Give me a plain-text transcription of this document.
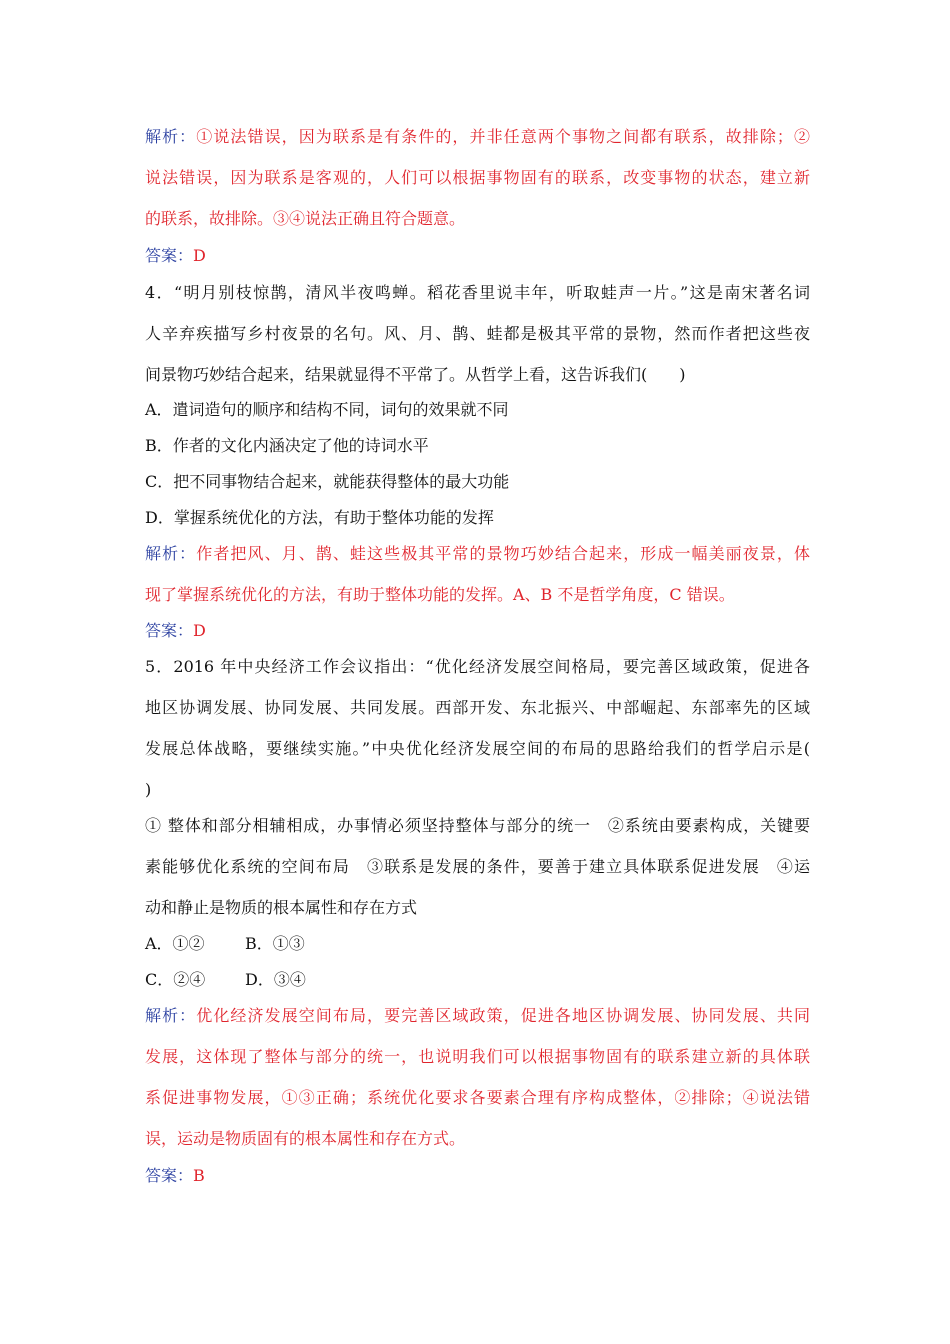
解析：①说法错误，因为联系是有条件的，并非任意两个事物之间都有联系，故排除；②
说法错误，因为联系是客观的，人们可以根据事物固有的联系，改变事物的状态，建立新
的联系，故排除。③④说法正确且符合题意。
答案：D
4．“明月别枝惊鹊，清风半夜鸣蝉。稻花香里说丰年，听取蛙声一片。”这是南宋著名词
人辛弃疾描写乡村夜景的名句。风、月、鹊、蛙都是极其平常的景物，然而作者把这些夜
间景物巧妙结合起来，结果就显得不平常了。从哲学上看，这告诉我们(　　)
A．遣词造句的顺序和结构不同，词句的效果就不同
B．作者的文化内涵决定了他的诗词水平
C．把不同事物结合起来，就能获得整体的最大功能
D．掌握系统优化的方法，有助于整体功能的发挥
解析：作者把风、月、鹊、蛙这些极其平常的景物巧妙结合起来，形成一幅美丽夜景，体
现了掌握系统优化的方法，有助于整体功能的发挥。A、B 不是哲学角度，C 错误。
答案：D
5．2016 年中央经济工作会议指出：“优化经济发展空间格局，要完善区域政策，促进各
地区协调发展、协同发展、共同发展。西部开发、东北振兴、中部崛起、东部率先的区域
发展总体战略，要继续实施。”中央优化经济发展空间的布局的思路给我们的哲学启示是(
)
① 整体和部分相辅相成，办事情必须坚持整体与部分的统一　②系统由要素构成，关键要
素能够优化系统的空间布局　③联系是发展的条件，要善于建立具体联系促进发展　④运
动和静止是物质的根本属性和存在方式
A．①②	B．①③
C．②④ D．③④
解析：优化经济发展空间布局，要完善区域政策，促进各地区协调发展、协同发展、共同
发展，这体现了整体与部分的统一，也说明我们可以根据事物固有的联系建立新的具体联
系促进事物发展，①③正确；系统优化要求各要素合理有序构成整体，②排除；④说法错
误，运动是物质固有的根本属性和存在方式。
答案：B
